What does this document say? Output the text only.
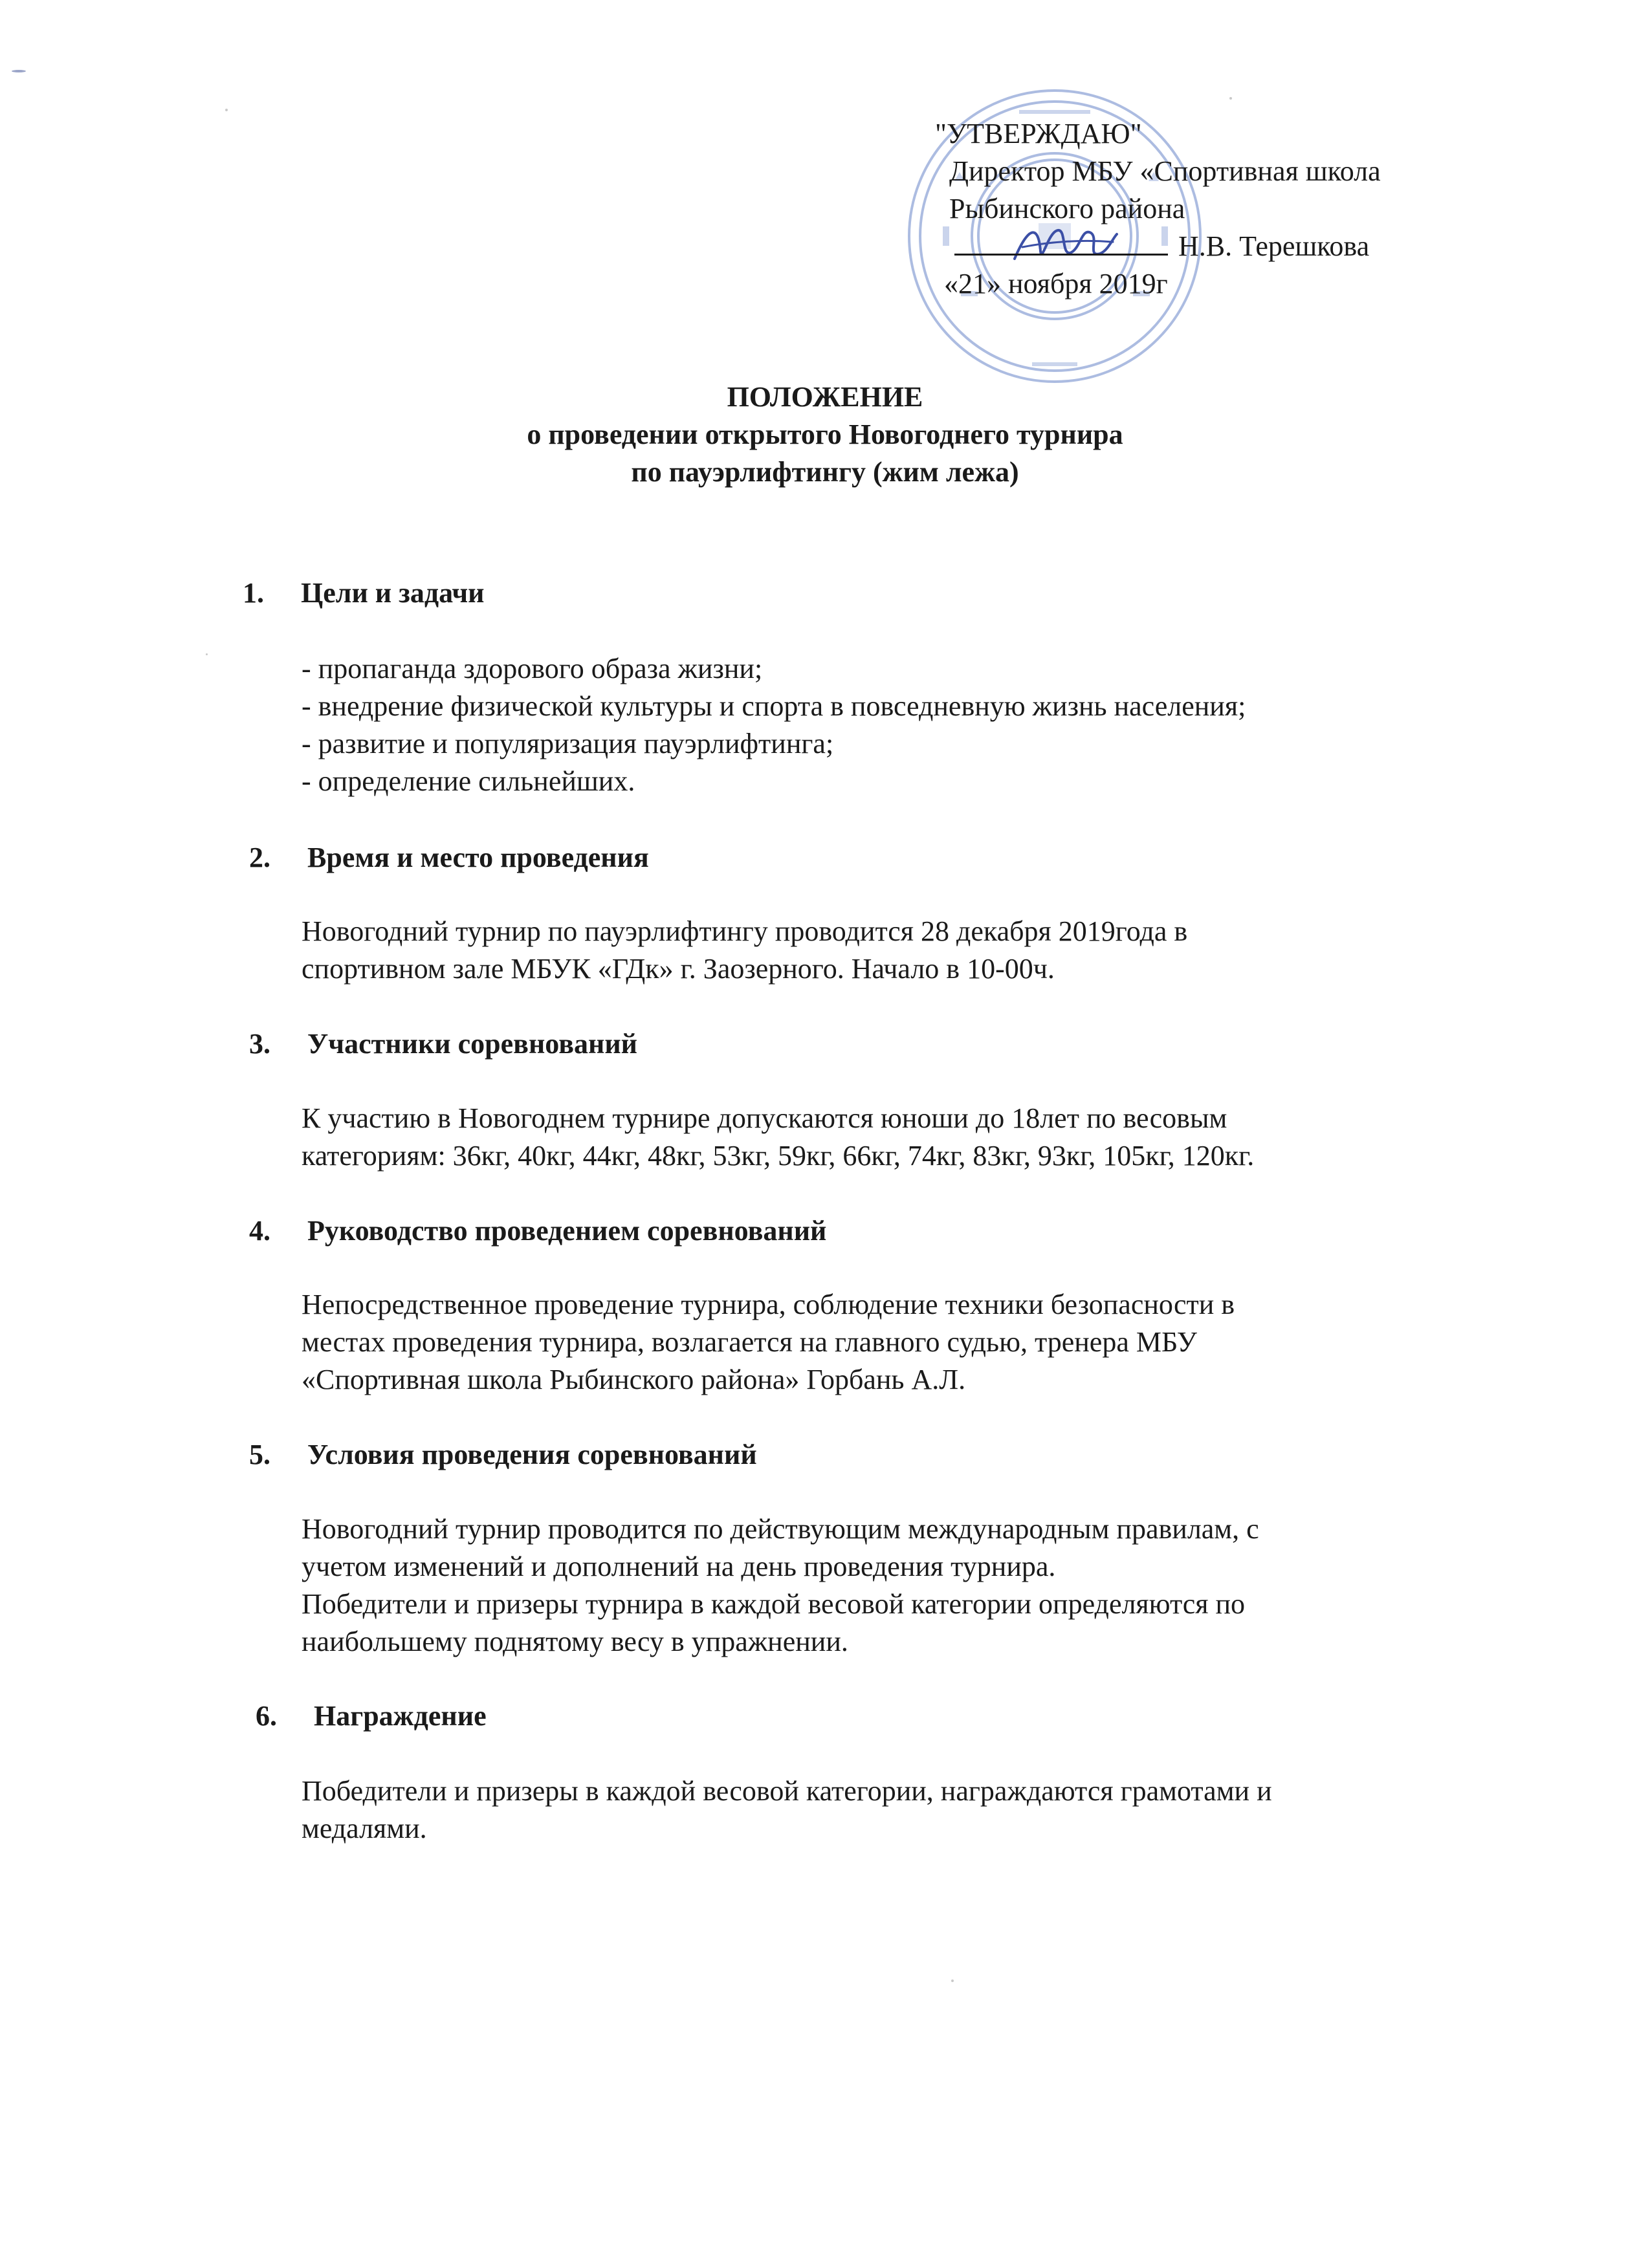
"УТВЕРЖДАЮ"
Директор МБУ «Спортивная школа
Рыбинского района
Н.В. Терешкова
«21» ноября 2019г
ПОЛОЖЕНИЕ
о проведении открытого Новогоднего турнира
по пауэрлифтингу (жим лежа)
1. Цели и задачи
- пропаганда здорового образа жизни;
- внедрение физической культуры и спорта в повседневную жизнь населения;
- развитие и популяризация пауэрлифтинга;
- определение сильнейших.
2. Время и место проведения
Новогодний турнир по пауэрлифтингу проводится 28 декабря 2019года в
спортивном зале МБУК «ГДк» г. Заозерного. Начало в 10-00ч.
3. Участники соревнований
К участию в Новогоднем турнире допускаются юноши до 18лет по весовым
категориям: 36кг, 40кг, 44кг, 48кг, 53кг, 59кг, 66кг, 74кг, 83кг, 93кг, 105кг, 120кг.
4. Руководство проведением соревнований
Непосредственное проведение турнира, соблюдение техники безопасности в
местах проведения турнира, возлагается на главного судью, тренера МБУ
«Спортивная школа Рыбинского района» Горбань А.Л.
5. Условия проведения соревнований
Новогодний турнир проводится по действующим международным правилам, с
учетом изменений и дополнений на день проведения турнира.
Победители и призеры турнира в каждой весовой категории определяются по
наибольшему поднятому весу в упражнении.
6. Награждение
Победители и призеры в каждой весовой категории, награждаются грамотами и
медалями.
